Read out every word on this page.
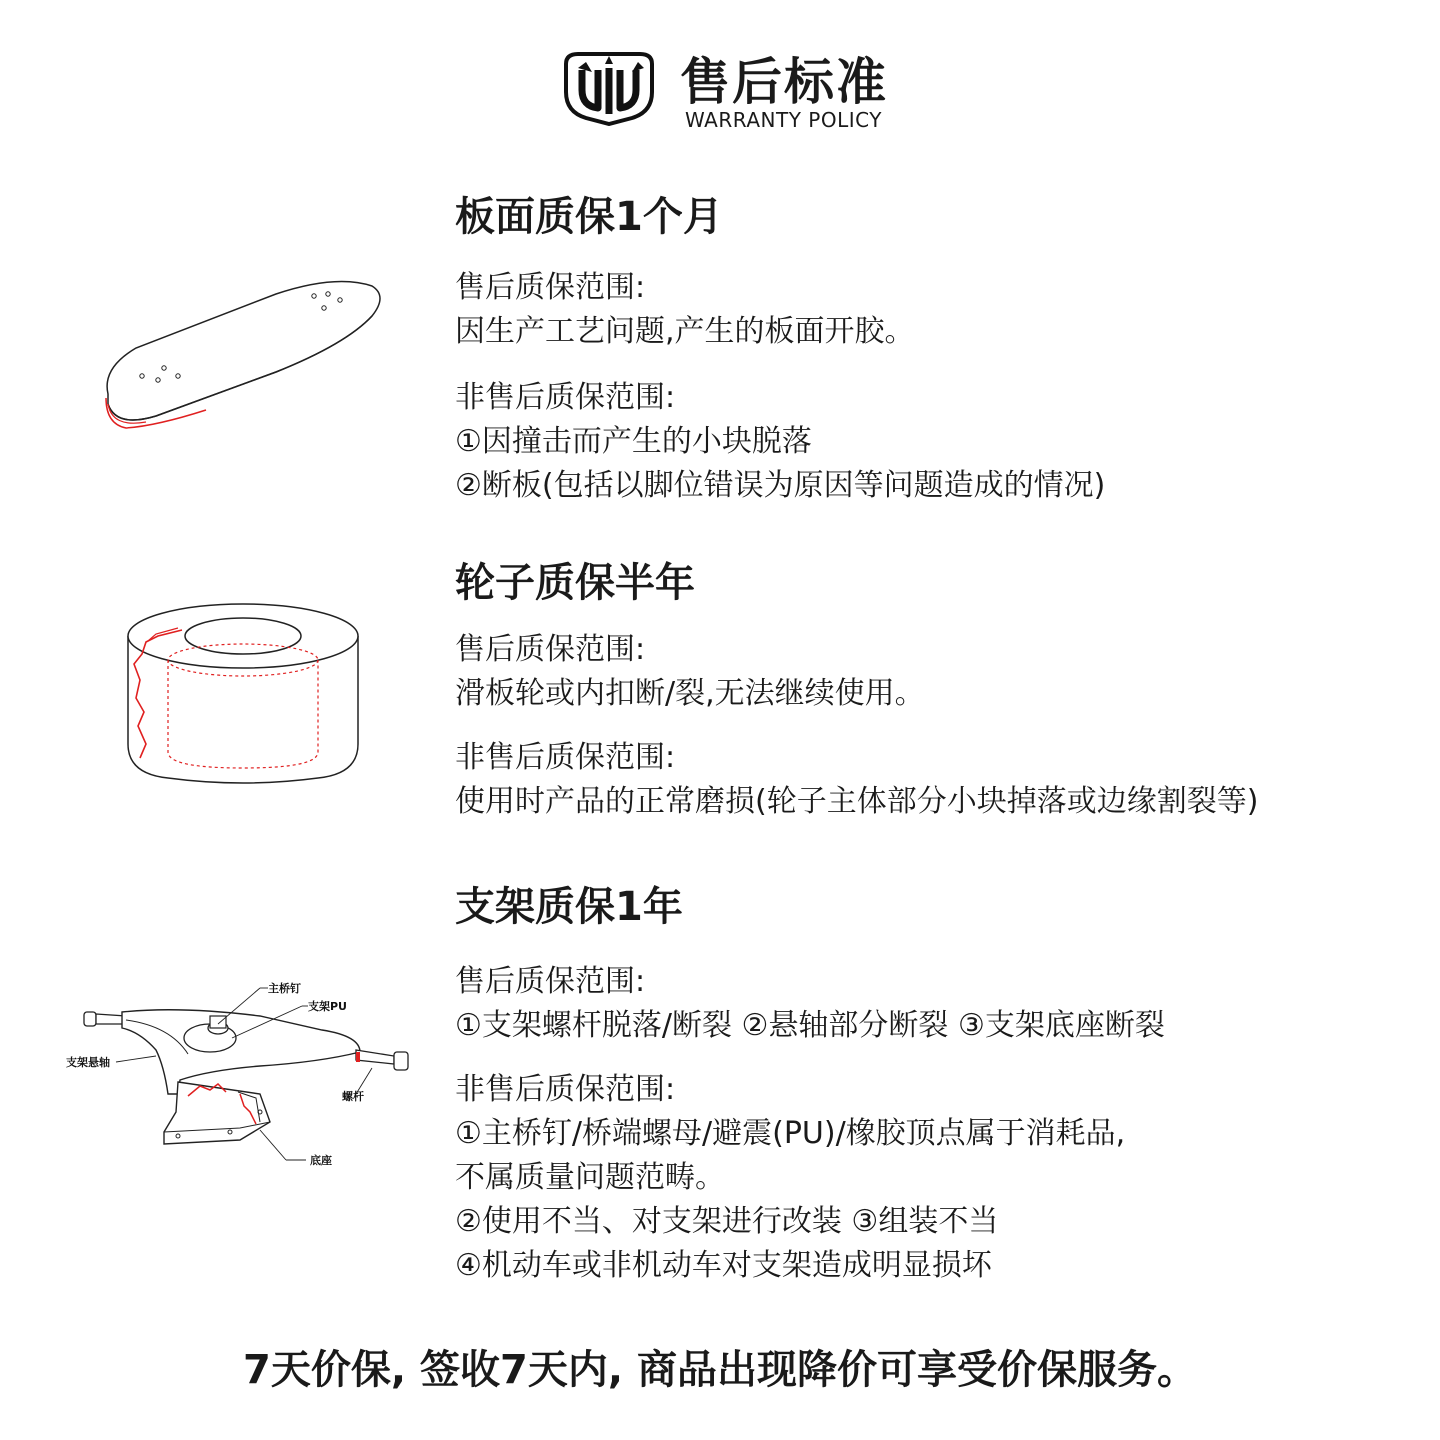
售后标准
WARRANTY POLICY
板面质保1个月
售后质保范围:
因生产工艺问题,产生的板面开胶。
非售后质保范围:
①因撞击而产生的小块脱落
②断板(包括以脚位错误为原因等问题造成的情况)
轮子质保半年
售后质保范围:
滑板轮或内扣断/裂,无法继续使用。
非售后质保范围:
使用时产品的正常磨损(轮子主体部分小块掉落或边缘割裂等)
主桥钉
支架PU
支架悬轴
螺杆
底座
支架质保1年
售后质保范围:
①支架螺杆脱落/断裂 ②悬轴部分断裂 ③支架底座断裂
非售后质保范围:
①主桥钉/桥端螺母/避震(PU)/橡胶顶点属于消耗品,
不属质量问题范畴。
②使用不当、对支架进行改装 ③组装不当
④机动车或非机动车对支架造成明显损坏
7天价保, 签收7天内, 商品出现降价可享受价保服务。
